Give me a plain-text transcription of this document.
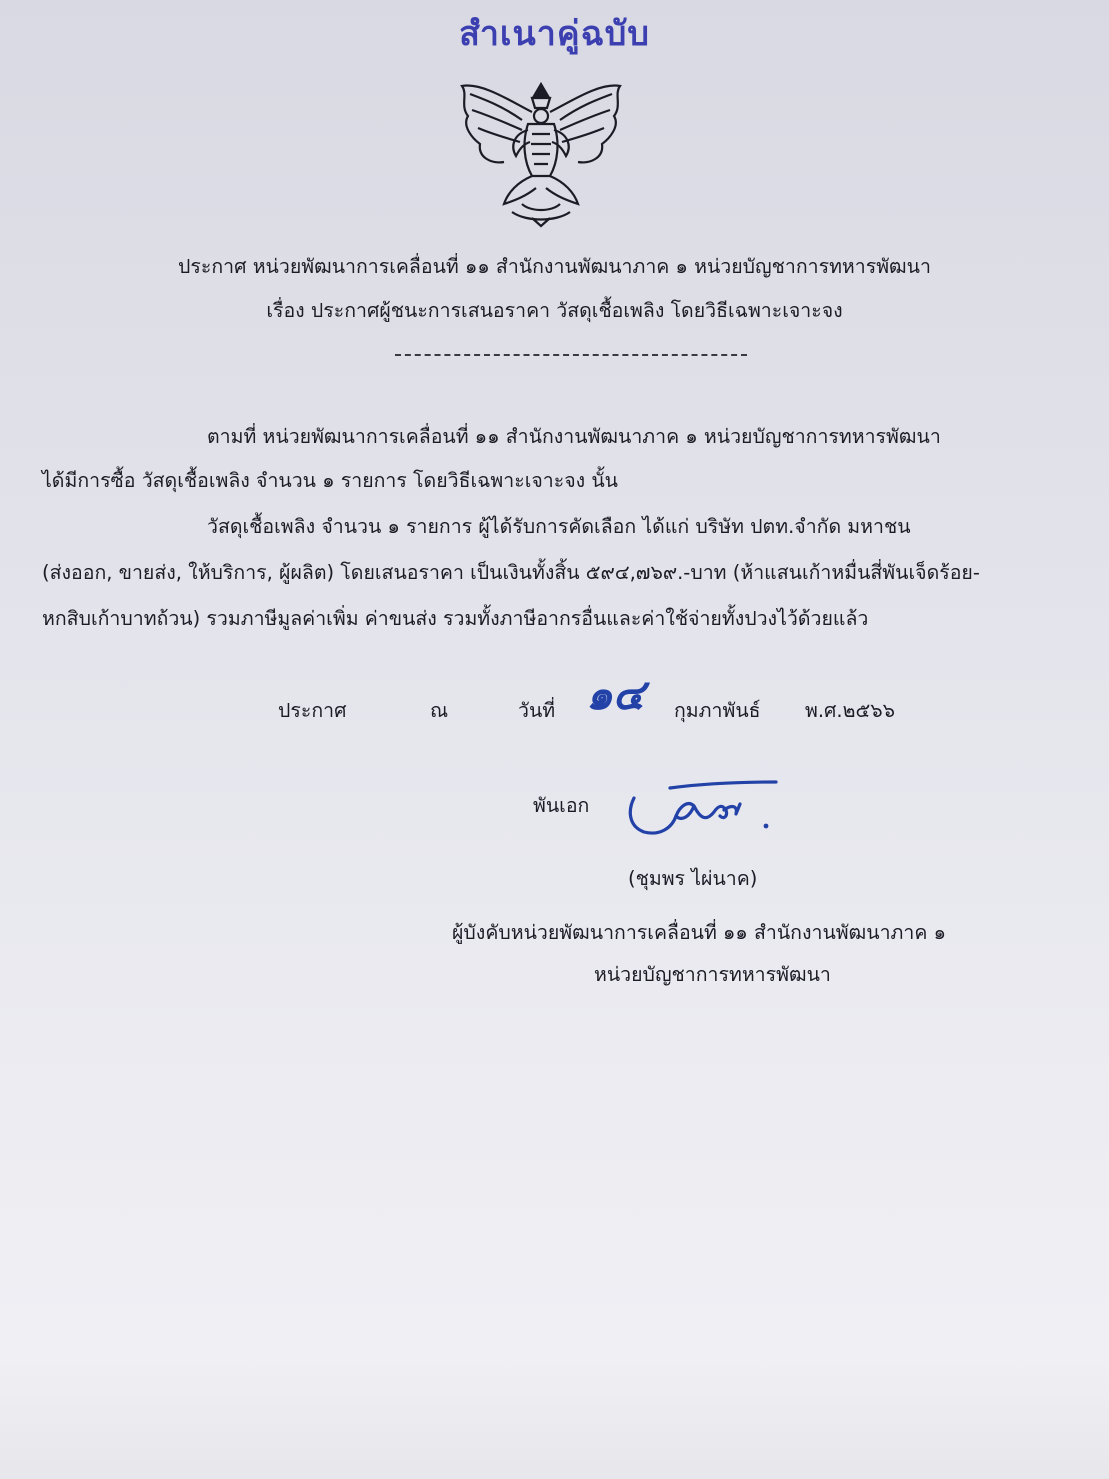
สำเนาคู่ฉบับ
ประกาศ หน่วยพัฒนาการเคลื่อนที่ ๑๑ สำนักงานพัฒนาภาค ๑ หน่วยบัญชาการทหารพัฒนา
เรื่อง ประกาศผู้ชนะการเสนอราคา วัสดุเชื้อเพลิง โดยวิธีเฉพาะเจาะจง
ตามที่ หน่วยพัฒนาการเคลื่อนที่ ๑๑ สำนักงานพัฒนาภาค ๑ หน่วยบัญชาการทหารพัฒนา
ได้มีการซื้อ วัสดุเชื้อเพลิง จำนวน ๑ รายการ โดยวิธีเฉพาะเจาะจง นั้น
วัสดุเชื้อเพลิง จำนวน ๑ รายการ ผู้ได้รับการคัดเลือก ได้แก่ บริษัท ปตท.จำกัด มหาชน
(ส่งออก, ขายส่ง, ให้บริการ, ผู้ผลิต) โดยเสนอราคา เป็นเงินทั้งสิ้น ๕๙๔,๗๖๙.-บาท (ห้าแสนเก้าหมื่นสี่พันเจ็ดร้อย-
หกสิบเก้าบาทถ้วน) รวมภาษีมูลค่าเพิ่ม ค่าขนส่ง รวมทั้งภาษีอากรอื่นและค่าใช้จ่ายทั้งปวงไว้ด้วยแล้ว
ประกาศ	ณ	วันที่ ๑๔ กุมภาพันธ์ พ.ศ.๒๕๖๖
พันเอก
(ชุมพร ไผ่นาค)
ผู้บังคับหน่วยพัฒนาการเคลื่อนที่ ๑๑ สำนักงานพัฒนาภาค ๑
หน่วยบัญชาการทหารพัฒนา
